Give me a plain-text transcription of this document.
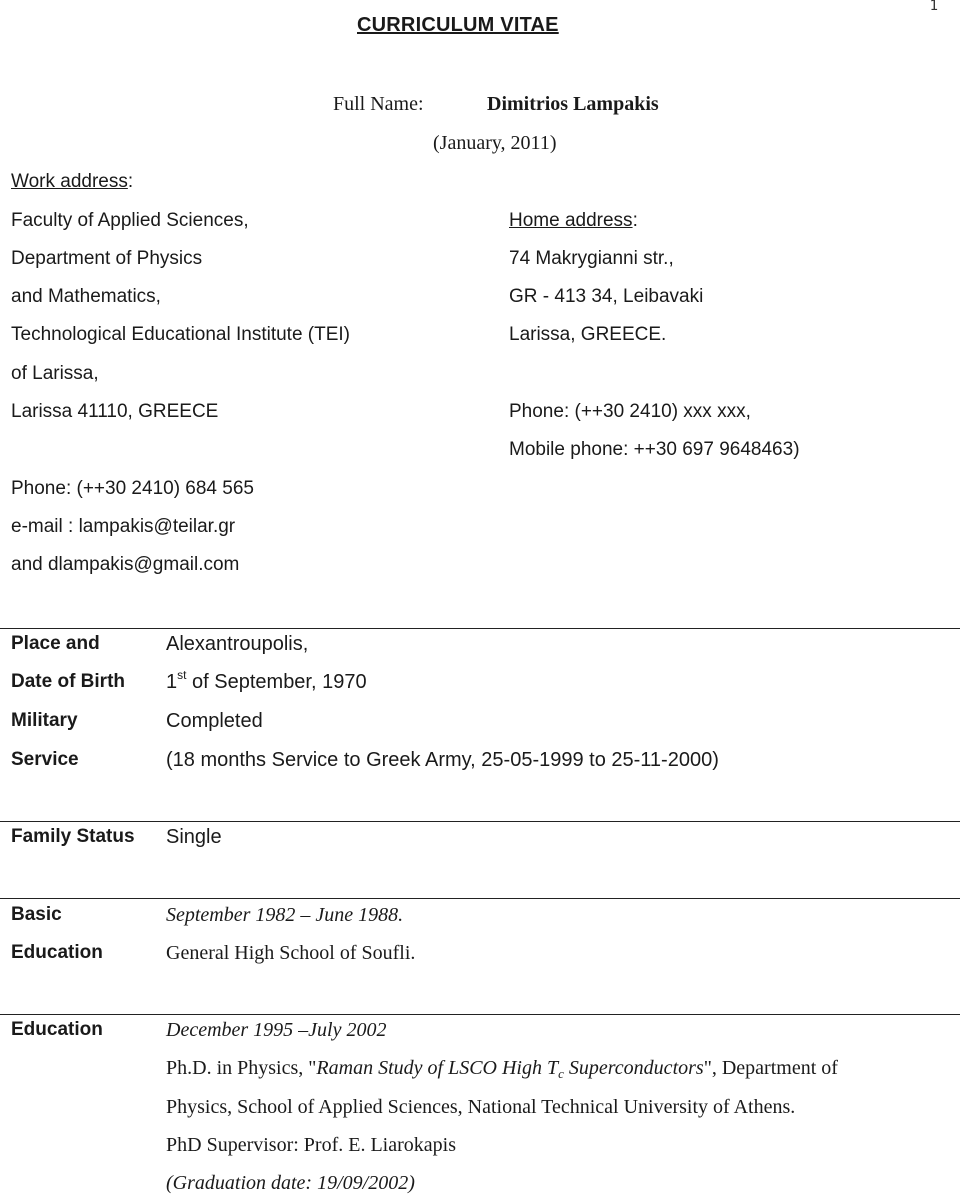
1
CURRICULUM VITAE
Full Name:	Dimitrios Lampakis
(January, 2011)
Work address:
Faculty of Applied Sciences,
Department of Physics
and Mathematics,
Technological Educational Institute (TEI)
of Larissa,
Larissa 41110, GREECE
Phone: (++30 2410) 684 565
e-mail : lampakis@teilar.gr
and dlampakis@gmail.com
Home address:
74 Makrygianni str.,
GR - 413 34, Leibavaki
Larissa, GREECE.
Phone: (++30 2410) xxx xxx,
Mobile phone: ++30 697 9648463)
Place and	Alexantroupolis,
Date of Birth 1st of September, 1970
Military	Completed
Service	(18 months Service to Greek Army, 25-05-1999 to 25-11-2000)
Family Status Single
Basic	September 1982 – June 1988.
Education	General High School of Soufli.
Education	December 1995 –July 2002
Ph.D. in Physics, "Raman Study of LSCO High $T_c$ Superconductors", Department of
Physics, School of Applied Sciences, National Technical University of Athens.
PhD Supervisor: Prof. E. Liarokapis
(Graduation date: 19/09/2002)
